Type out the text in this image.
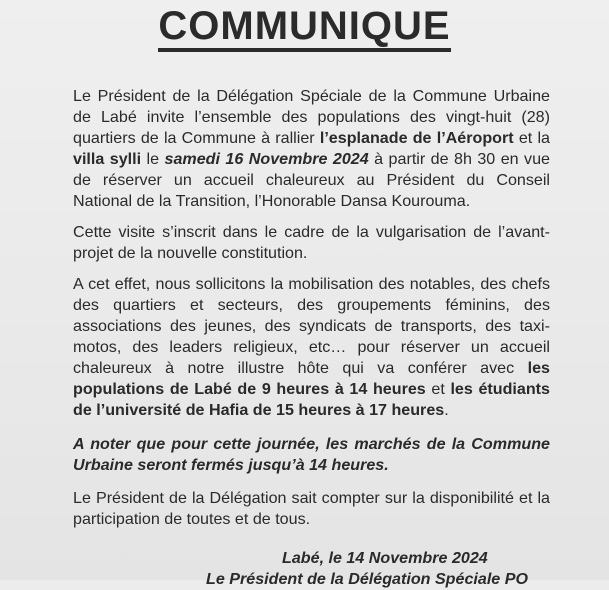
COMMUNIQUE

Le Président de la Délégation Spéciale de la Commune Urbaine de Labé invite l’ensemble des populations des vingt-huit (28) quartiers de la Commune à rallier l’esplanade de l’Aéroport et la villa sylli le samedi 16 Novembre 2024 à partir de 8h 30 en vue de réserver un accueil chaleureux au Président du Conseil National de la Transition, l’Honorable Dansa Kourouma.

Cette visite s’inscrit dans le cadre de la vulgarisation de l’avant-projet de la nouvelle constitution.

A cet effet, nous sollicitons la mobilisation des notables, des chefs des quartiers et secteurs, des groupements féminins, des associations des jeunes, des syndicats de transports, des taxi-motos, des leaders religieux, etc… pour réserver un accueil chaleureux à notre illustre hôte qui va conférer avec les populations de Labé de 9 heures à 14 heures et les étudiants de l’université de Hafia de 15 heures à 17 heures.

A noter que pour cette journée, les marchés de la Commune Urbaine seront fermés jusqu’à 14 heures.

Le Président de la Délégation sait compter sur la disponibilité et la participation de toutes et de tous.

Labé, le 14 Novembre 2024
Le Président de la Délégation Spéciale PO
